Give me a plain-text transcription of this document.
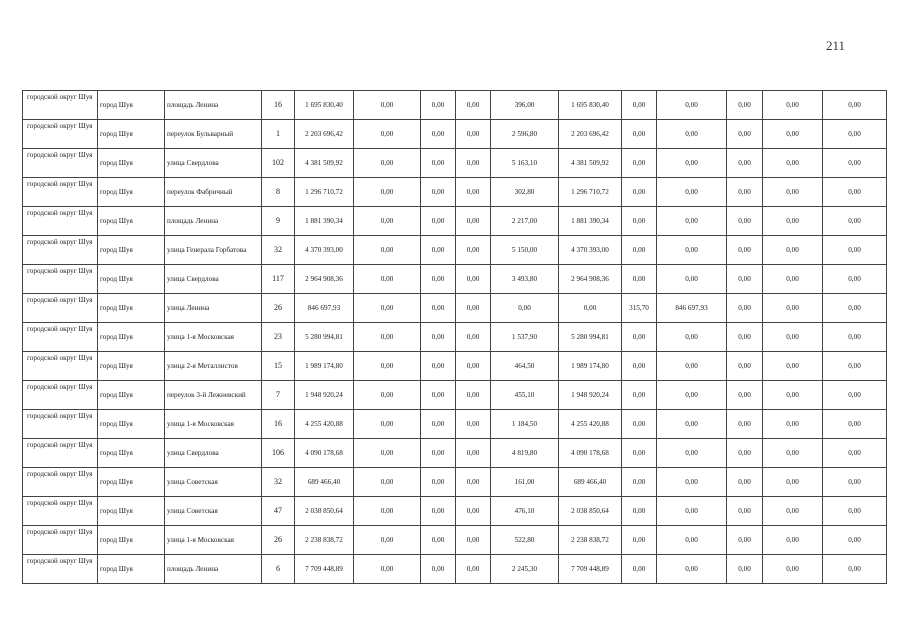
211
городской округ Шуя	город Шуя	площадь Ленина	16	1 695 830,40	0,00	0,00	0,00	396,00	1 695 830,40	0,00	0,00	0,00	0,00	0,00
городской округ Шуя	город Шуя	переулок Бульварный	1	2 203 696,42	0,00	0,00	0,00	2 596,80	2 203 696,42	0,00	0,00	0,00	0,00	0,00
городской округ Шуя	город Шуя	улица Свердлова	102	4 381 509,92	0,00	0,00	0,00	5 163,10	4 381 509,92	0,00	0,00	0,00	0,00	0,00
городской округ Шуя	город Шуя	переулок Фабричный	8	1 296 710,72	0,00	0,00	0,00	302,80	1 296 710,72	0,00	0,00	0,00	0,00	0,00
городской округ Шуя	город Шуя	площадь Ленина	9	1 881 390,34	0,00	0,00	0,00	2 217,00	1 881 390,34	0,00	0,00	0,00	0,00	0,00
городской округ Шуя	город Шуя	улица Генерала Горбатова	32	4 370 393,00	0,00	0,00	0,00	5 150,00	4 370 393,00	0,00	0,00	0,00	0,00	0,00
городской округ Шуя	город Шуя	улица Свердлова	117	2 964 908,36	0,00	0,00	0,00	3 493,80	2 964 908,36	0,00	0,00	0,00	0,00	0,00
городской округ Шуя	город Шуя	улица Ленина	26	846 697,93	0,00	0,00	0,00	0,00	0,00	315,70	846 697,93	0,00	0,00	0,00
городской округ Шуя	город Шуя	улица 1-я Московская	23	5 280 994,81	0,00	0,00	0,00	1 537,90	5 280 994,81	0,00	0,00	0,00	0,00	0,00
городской округ Шуя	город Шуя	улица 2-я Металлистов	15	1 989 174,80	0,00	0,00	0,00	464,50	1 989 174,80	0,00	0,00	0,00	0,00	0,00
городской округ Шуя	город Шуя	переулок 3-й Лежневский	7	1 948 920,24	0,00	0,00	0,00	455,10	1 948 920,24	0,00	0,00	0,00	0,00	0,00
городской округ Шуя	город Шуя	улица 1-я Московская	16	4 255 420,88	0,00	0,00	0,00	1 184,50	4 255 420,88	0,00	0,00	0,00	0,00	0,00
городской округ Шуя	город Шуя	улица Свердлова	106	4 090 178,68	0,00	0,00	0,00	4 819,80	4 090 178,68	0,00	0,00	0,00	0,00	0,00
городской округ Шуя	город Шуя	улица Советская	32	689 466,40	0,00	0,00	0,00	161,00	689 466,40	0,00	0,00	0,00	0,00	0,00
городской округ Шуя	город Шуя	улица Советская	47	2 038 850,64	0,00	0,00	0,00	476,10	2 038 850,64	0,00	0,00	0,00	0,00	0,00
городской округ Шуя	город Шуя	улица 1-я Московская	26	2 238 838,72	0,00	0,00	0,00	522,80	2 238 838,72	0,00	0,00	0,00	0,00	0,00
городской округ Шуя	город Шуя	площадь Ленина	6	7 709 448,89	0,00	0,00	0,00	2 245,30	7 709 448,89	0,00	0,00	0,00	0,00	0,00
